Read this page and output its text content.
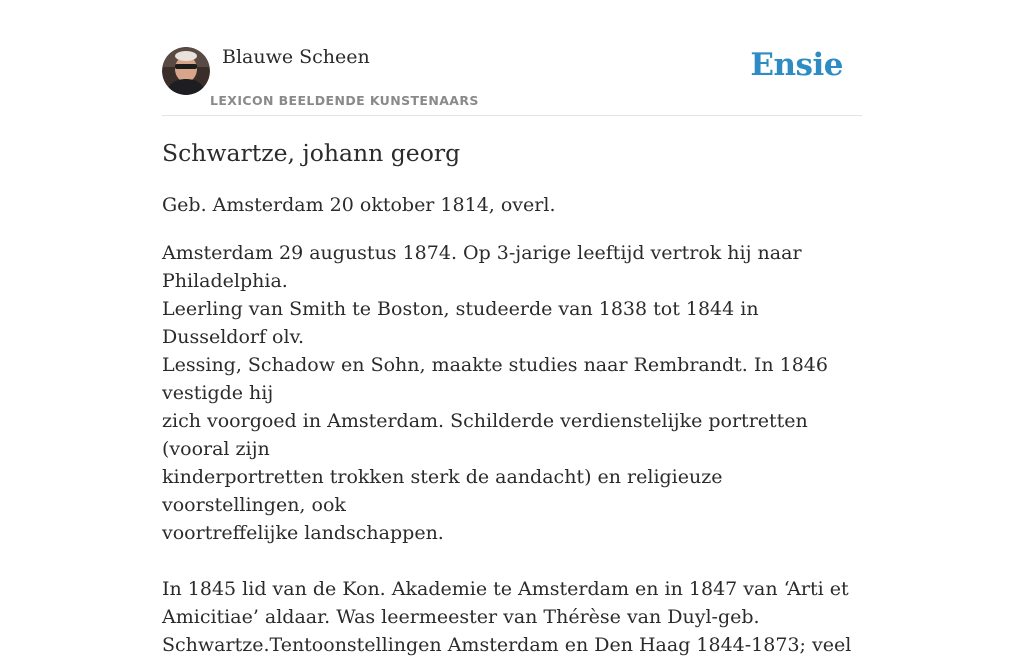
Blauwe Scheen
LEXICON BEELDENDE KUNSTENAARS
Ensie
Schwartze, johann georg

Geb. Amsterdam 20 oktober 1814, overl.

Amsterdam 29 augustus 1874. Op 3-jarige leeftijd vertrok hij naar Philadelphia.
Leerling van Smith te Boston, studeerde van 1838 tot 1844 in Dusseldorf olv.
Lessing, Schadow en Sohn, maakte studies naar Rembrandt. In 1846 vestigde hij
zich voorgoed in Amsterdam. Schilderde verdienstelijke portretten (vooral zijn
kinderportretten trokken sterk de aandacht) en religieuze voorstellingen, ook
voortreffelijke landschappen.

In 1845 lid van de Kon. Akademie te Amsterdam en in 1847 van ‘Arti et
Amicitiae’ aldaar. Was leermeester van Thérèse van Duyl-geb.
Schwartze.Tentoonstellingen Amsterdam en Den Haag 1844-1873; veel
